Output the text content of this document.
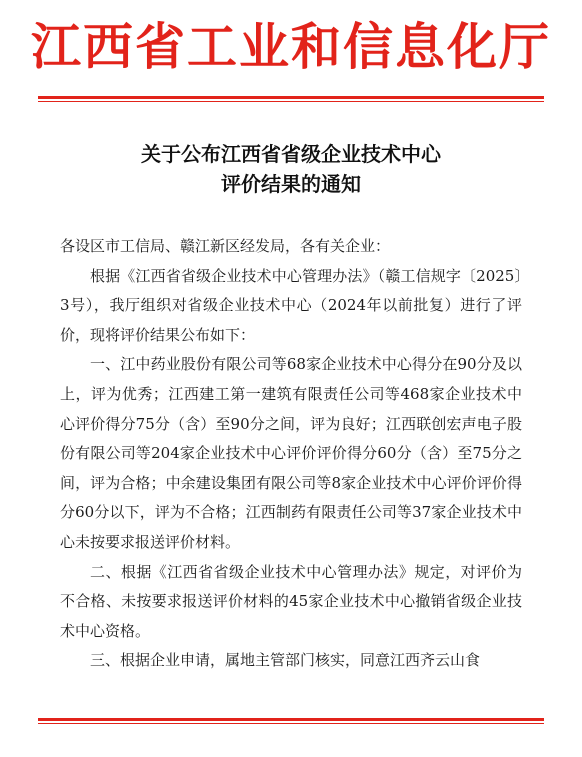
江西省工业和信息化厅
关于公布江西省省级企业技术中心
评价结果的通知

各设区市工信局、赣江新区经发局，各有关企业：

根据《江西省省级企业技术中心管理办法》（赣工信规字〔2025〕3号），我厅组织对省级企业技术中心（2024年以前批复）进行了评价，现将评价结果公布如下：

一、江中药业股份有限公司等68家企业技术中心得分在90分及以上，评为优秀；江西建工第一建筑有限责任公司等468家企业技术中心评价得分75分（含）至90分之间，评为良好；江西联创宏声电子股份有限公司等204家企业技术中心评价评价得分60分（含）至75分之间，评为合格；中余建设集团有限公司等8家企业技术中心评价评价得分60分以下，评为不合格；江西制药有限责任公司等37家企业技术中心未按要求报送评价材料。

二、根据《江西省省级企业技术中心管理办法》规定，对评价为不合格、未按要求报送评价材料的45家企业技术中心撤销省级企业技术中心资格。

三、根据企业申请，属地主管部门核实，同意江西齐云山食
